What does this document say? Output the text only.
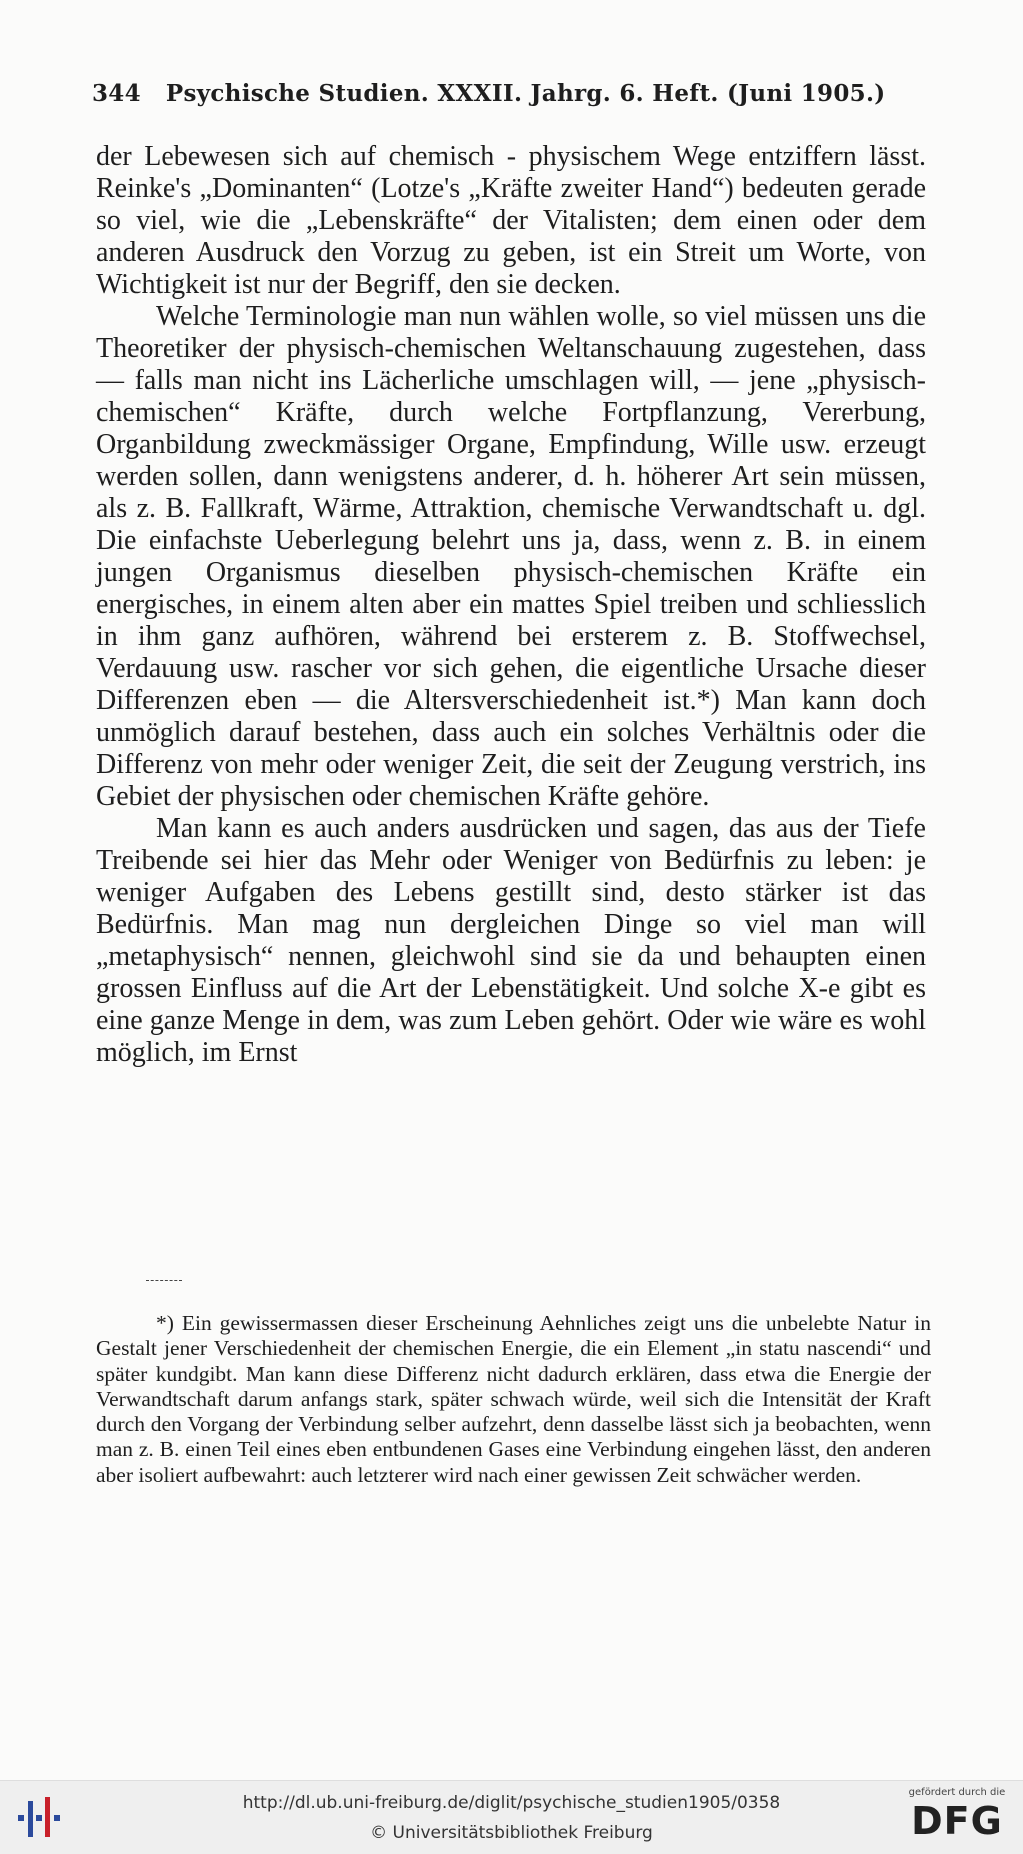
344 Psychische Studien. XXXII. Jahrg. 6. Heft. (Juni 1905.)

der Lebewesen sich auf chemisch - physischem Wege entziffern lässt. Reinke's „Dominanten“ (Lotze's „Kräfte zweiter Hand“) bedeuten gerade so viel, wie die „Lebenskräfte“ der Vitalisten; dem einen oder dem anderen Ausdruck den Vorzug zu geben, ist ein Streit um Worte, von Wichtigkeit ist nur der Begriff, den sie decken.

Welche Terminologie man nun wählen wolle, so viel müssen uns die Theoretiker der physisch-chemischen Weltanschauung zugestehen, dass — falls man nicht ins Lächerliche umschlagen will, — jene „physisch-chemischen“ Kräfte, durch welche Fortpflanzung, Vererbung, Organbildung zweckmässiger Organe, Empfindung, Wille usw. erzeugt werden sollen, dann wenigstens anderer, d. h. höherer Art sein müssen, als z. B. Fallkraft, Wärme, Attraktion, chemische Verwandtschaft u. dgl. Die einfachste Ueberlegung belehrt uns ja, dass, wenn z. B. in einem jungen Organismus dieselben physisch-chemischen Kräfte ein energisches, in einem alten aber ein mattes Spiel treiben und schliesslich in ihm ganz aufhören, während bei ersterem z. B. Stoffwechsel, Verdauung usw. rascher vor sich gehen, die eigentliche Ursache dieser Differenzen eben — die Altersverschiedenheit ist.*) Man kann doch unmöglich darauf bestehen, dass auch ein solches Verhältnis oder die Differenz von mehr oder weniger Zeit, die seit der Zeugung verstrich, ins Gebiet der physischen oder chemischen Kräfte gehöre.

Man kann es auch anders ausdrücken und sagen, das aus der Tiefe Treibende sei hier das Mehr oder Weniger von Bedürfnis zu leben: je weniger Aufgaben des Lebens gestillt sind, desto stärker ist das Bedürfnis. Man mag nun dergleichen Dinge so viel man will „metaphysisch“ nennen, gleichwohl sind sie da und behaupten einen grossen Einfluss auf die Art der Lebenstätigkeit. Und solche X-e gibt es eine ganze Menge in dem, was zum Leben gehört. Oder wie wäre es wohl möglich, im Ernst

*) Ein gewissermassen dieser Erscheinung Aehnliches zeigt uns die unbelebte Natur in Gestalt jener Verschiedenheit der chemischen Energie, die ein Element „in statu nascendi“ und später kundgibt. Man kann diese Differenz nicht dadurch erklären, dass etwa die Energie der Verwandtschaft darum anfangs stark, später schwach würde, weil sich die Intensität der Kraft durch den Vorgang der Verbindung selber aufzehrt, denn dasselbe lässt sich ja beobachten, wenn man z. B. einen Teil eines eben entbundenen Gases eine Verbindung eingehen lässt, den anderen aber isoliert aufbewahrt: auch letzterer wird nach einer gewissen Zeit schwächer werden.
http://dl.ub.uni-freiburg.de/diglit/psychische_studien1905/0358
© Universitätsbibliothek Freiburg
gefördert durch die
DFG
